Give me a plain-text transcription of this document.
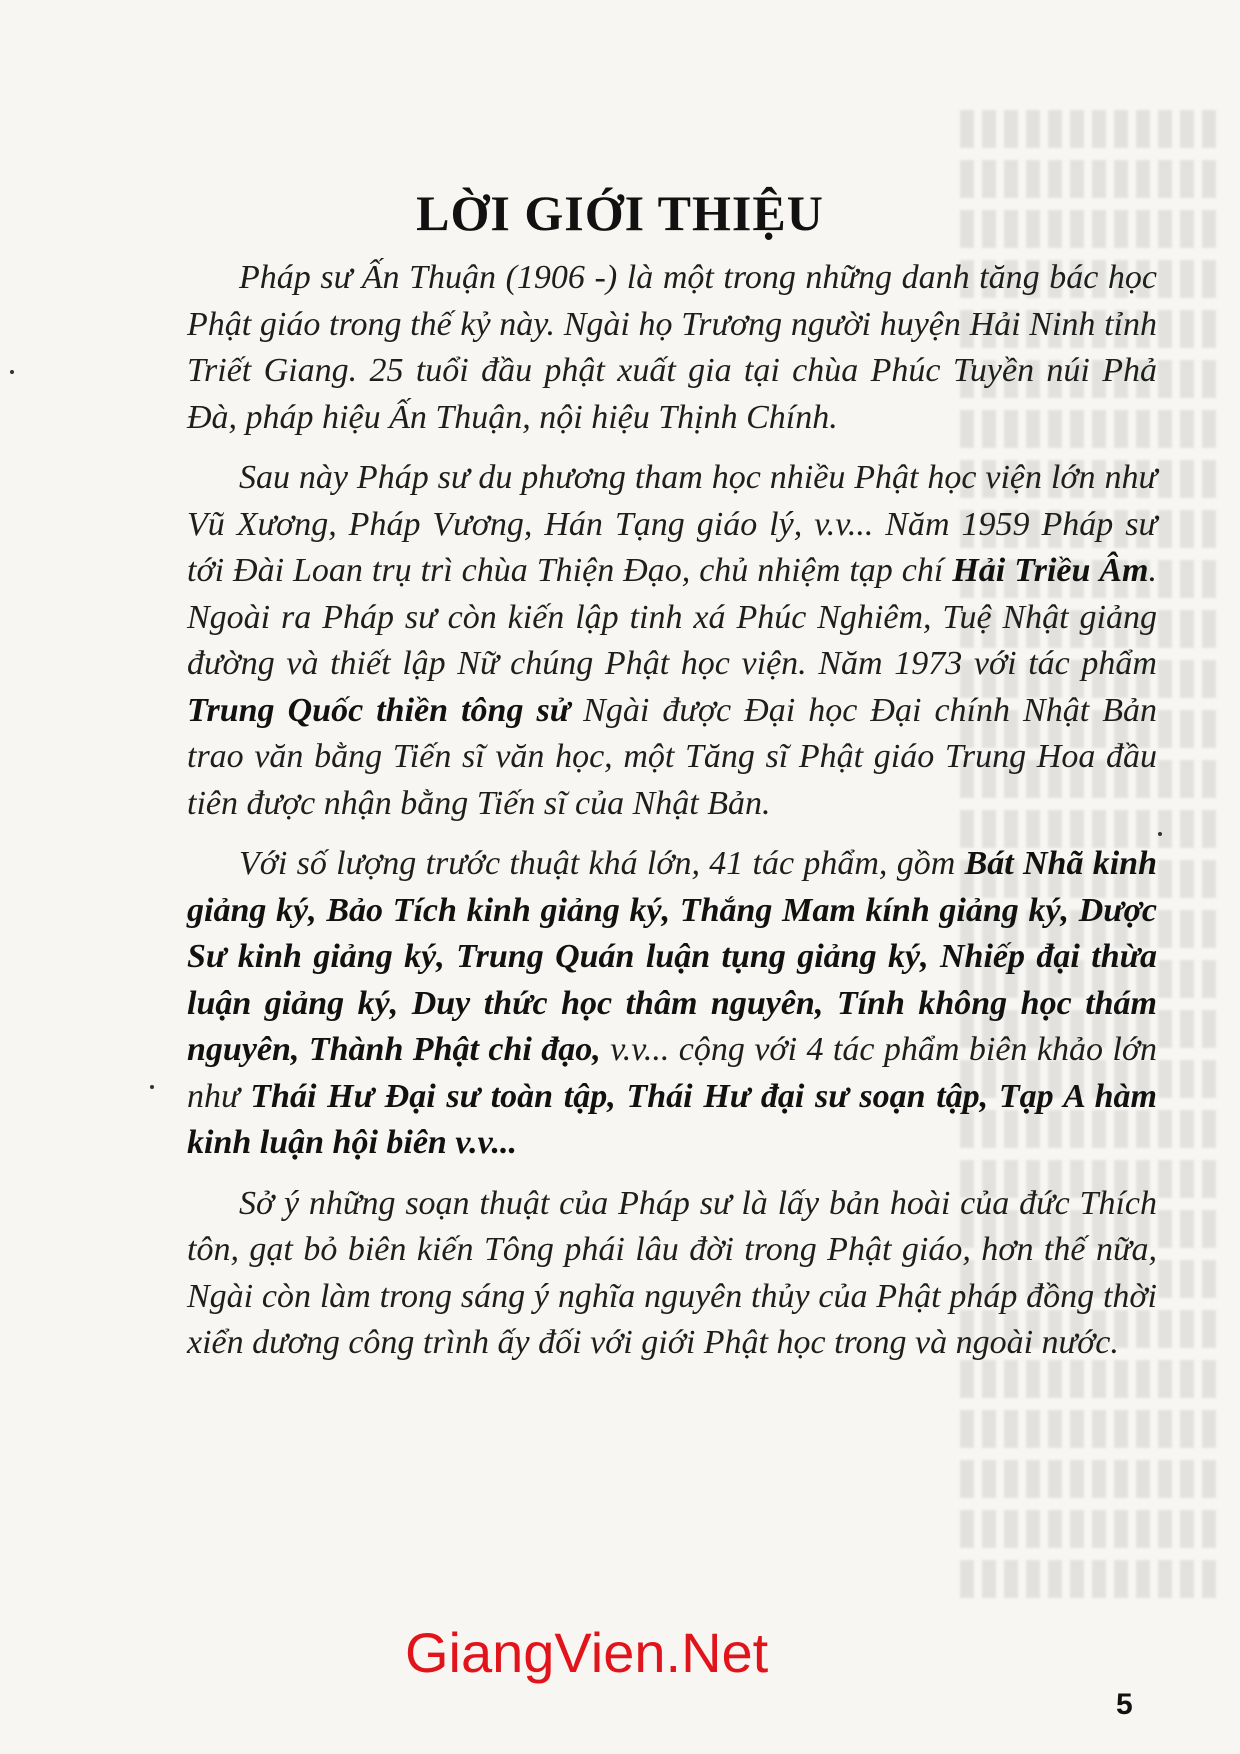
LỜI GIỚI THIỆU

Pháp sư Ấn Thuận (1906 -) là một trong những danh tăng bác học Phật giáo trong thế kỷ này. Ngài họ Trương người huyện Hải Ninh tỉnh Triết Giang. 25 tuổi đầu phật xuất gia tại chùa Phúc Tuyền núi Phả Đà, pháp hiệu Ấn Thuận, nội hiệu Thịnh Chính.

Sau này Pháp sư du phương tham học nhiều Phật học viện lớn như Vũ Xương, Pháp Vương, Hán Tạng giáo lý, v.v... Năm 1959 Pháp sư tới Đài Loan trụ trì chùa Thiện Đạo, chủ nhiệm tạp chí Hải Triều Âm. Ngoài ra Pháp sư còn kiến lập tinh xá Phúc Nghiêm, Tuệ Nhật giảng đường và thiết lập Nữ chúng Phật học viện. Năm 1973 với tác phẩm Trung Quốc thiền tông sử Ngài được Đại học Đại chính Nhật Bản trao văn bằng Tiến sĩ văn học, một Tăng sĩ Phật giáo Trung Hoa đầu tiên được nhận bằng Tiến sĩ của Nhật Bản.

Với số lượng trước thuật khá lớn, 41 tác phẩm, gồm Bát Nhã kinh giảng ký, Bảo Tích kinh giảng ký, Thắng Mam kính giảng ký, Dược Sư kinh giảng ký, Trung Quán luận tụng giảng ký, Nhiếp đại thừa luận giảng ký, Duy thức học thâm nguyên, Tính không học thám nguyên, Thành Phật chi đạo, v.v... cộng với 4 tác phẩm biên khảo lớn như Thái Hư Đại sư toàn tập, Thái Hư đại sư soạn tập, Tạp A hàm kinh luận hội biên v.v...

Sở ý những soạn thuật của Pháp sư là lấy bản hoài của đức Thích tôn, gạt bỏ biên kiến Tông phái lâu đời trong Phật giáo, hơn thế nữa, Ngài còn làm trong sáng ý nghĩa nguyên thủy của Phật pháp đồng thời xiển dương công trình ấy đối với giới Phật học trong và ngoài nước.

GiangVien.Net
5
